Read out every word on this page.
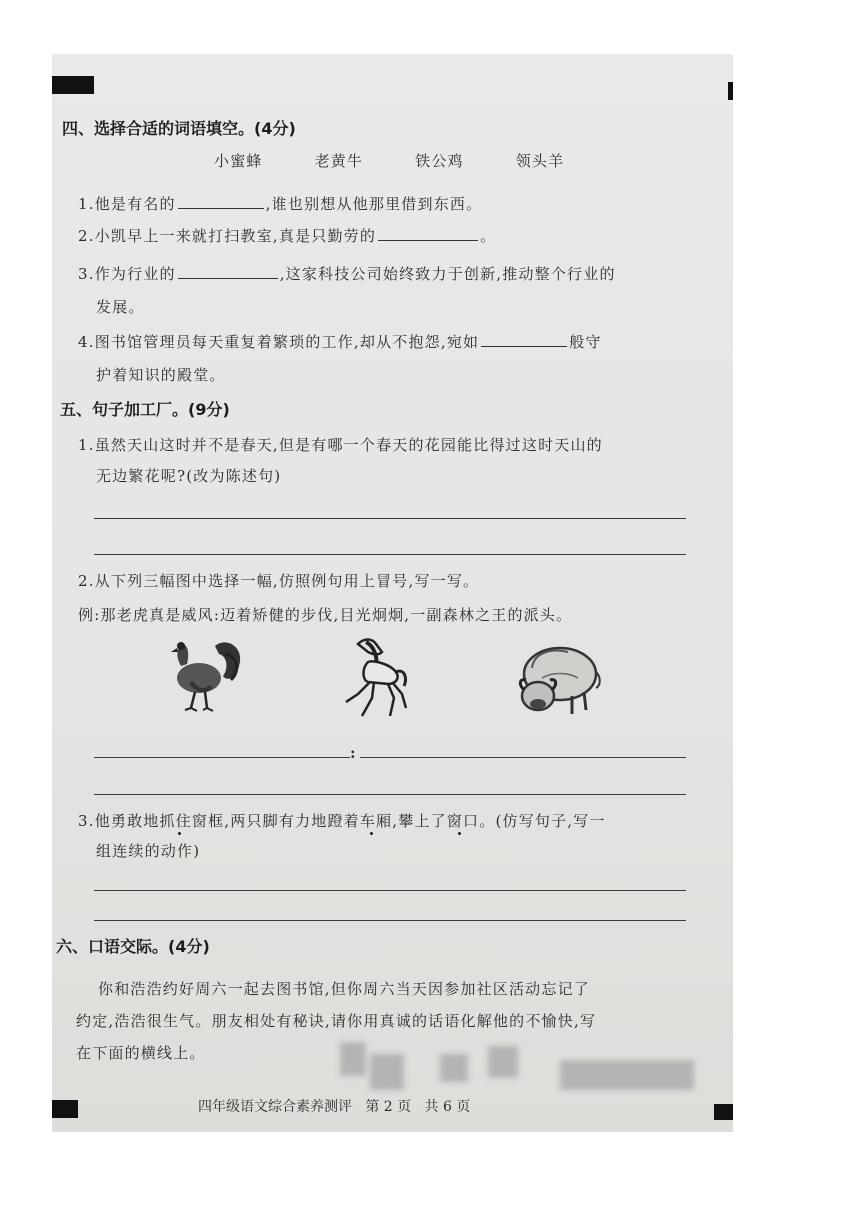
四、选择合适的词语填空。(4分)
小蜜蜂	老黄牛	铁公鸡	领头羊
1.他是有名的	,谁也别想从他那里借到东西。
2.小凯早上一来就打扫教室,真是只勤劳的	。
3.作为行业的	,这家科技公司始终致力于创新,推动整个行业的
发展。
4.图书馆管理员每天重复着繁琐的工作,却从不抱怨,宛如	般守
护着知识的殿堂。
五、句子加工厂。(9分)
1.虽然天山这时并不是春天,但是有哪一个春天的花园能比得过这时天山的
无边繁花呢?(改为陈述句)
2.从下列三幅图中选择一幅,仿照例句用上冒号,写一写。
例:那老虎真是威风:迈着矫健的步伐,目光炯炯,一副森林之王的派头。
:
3.他勇敢地抓住窗框,两只脚有力地蹬着车厢,攀上了窗口。(仿写句子,写一
组连续的动作)
六、口语交际。(4分)
你和浩浩约好周六一起去图书馆,但你周六当天因参加社区活动忘记了
约定,浩浩很生气。朋友相处有秘诀,请你用真诚的话语化解他的不愉快,写
在下面的横线上。
四年级语文综合素养测评   第 2 页   共 6 页
